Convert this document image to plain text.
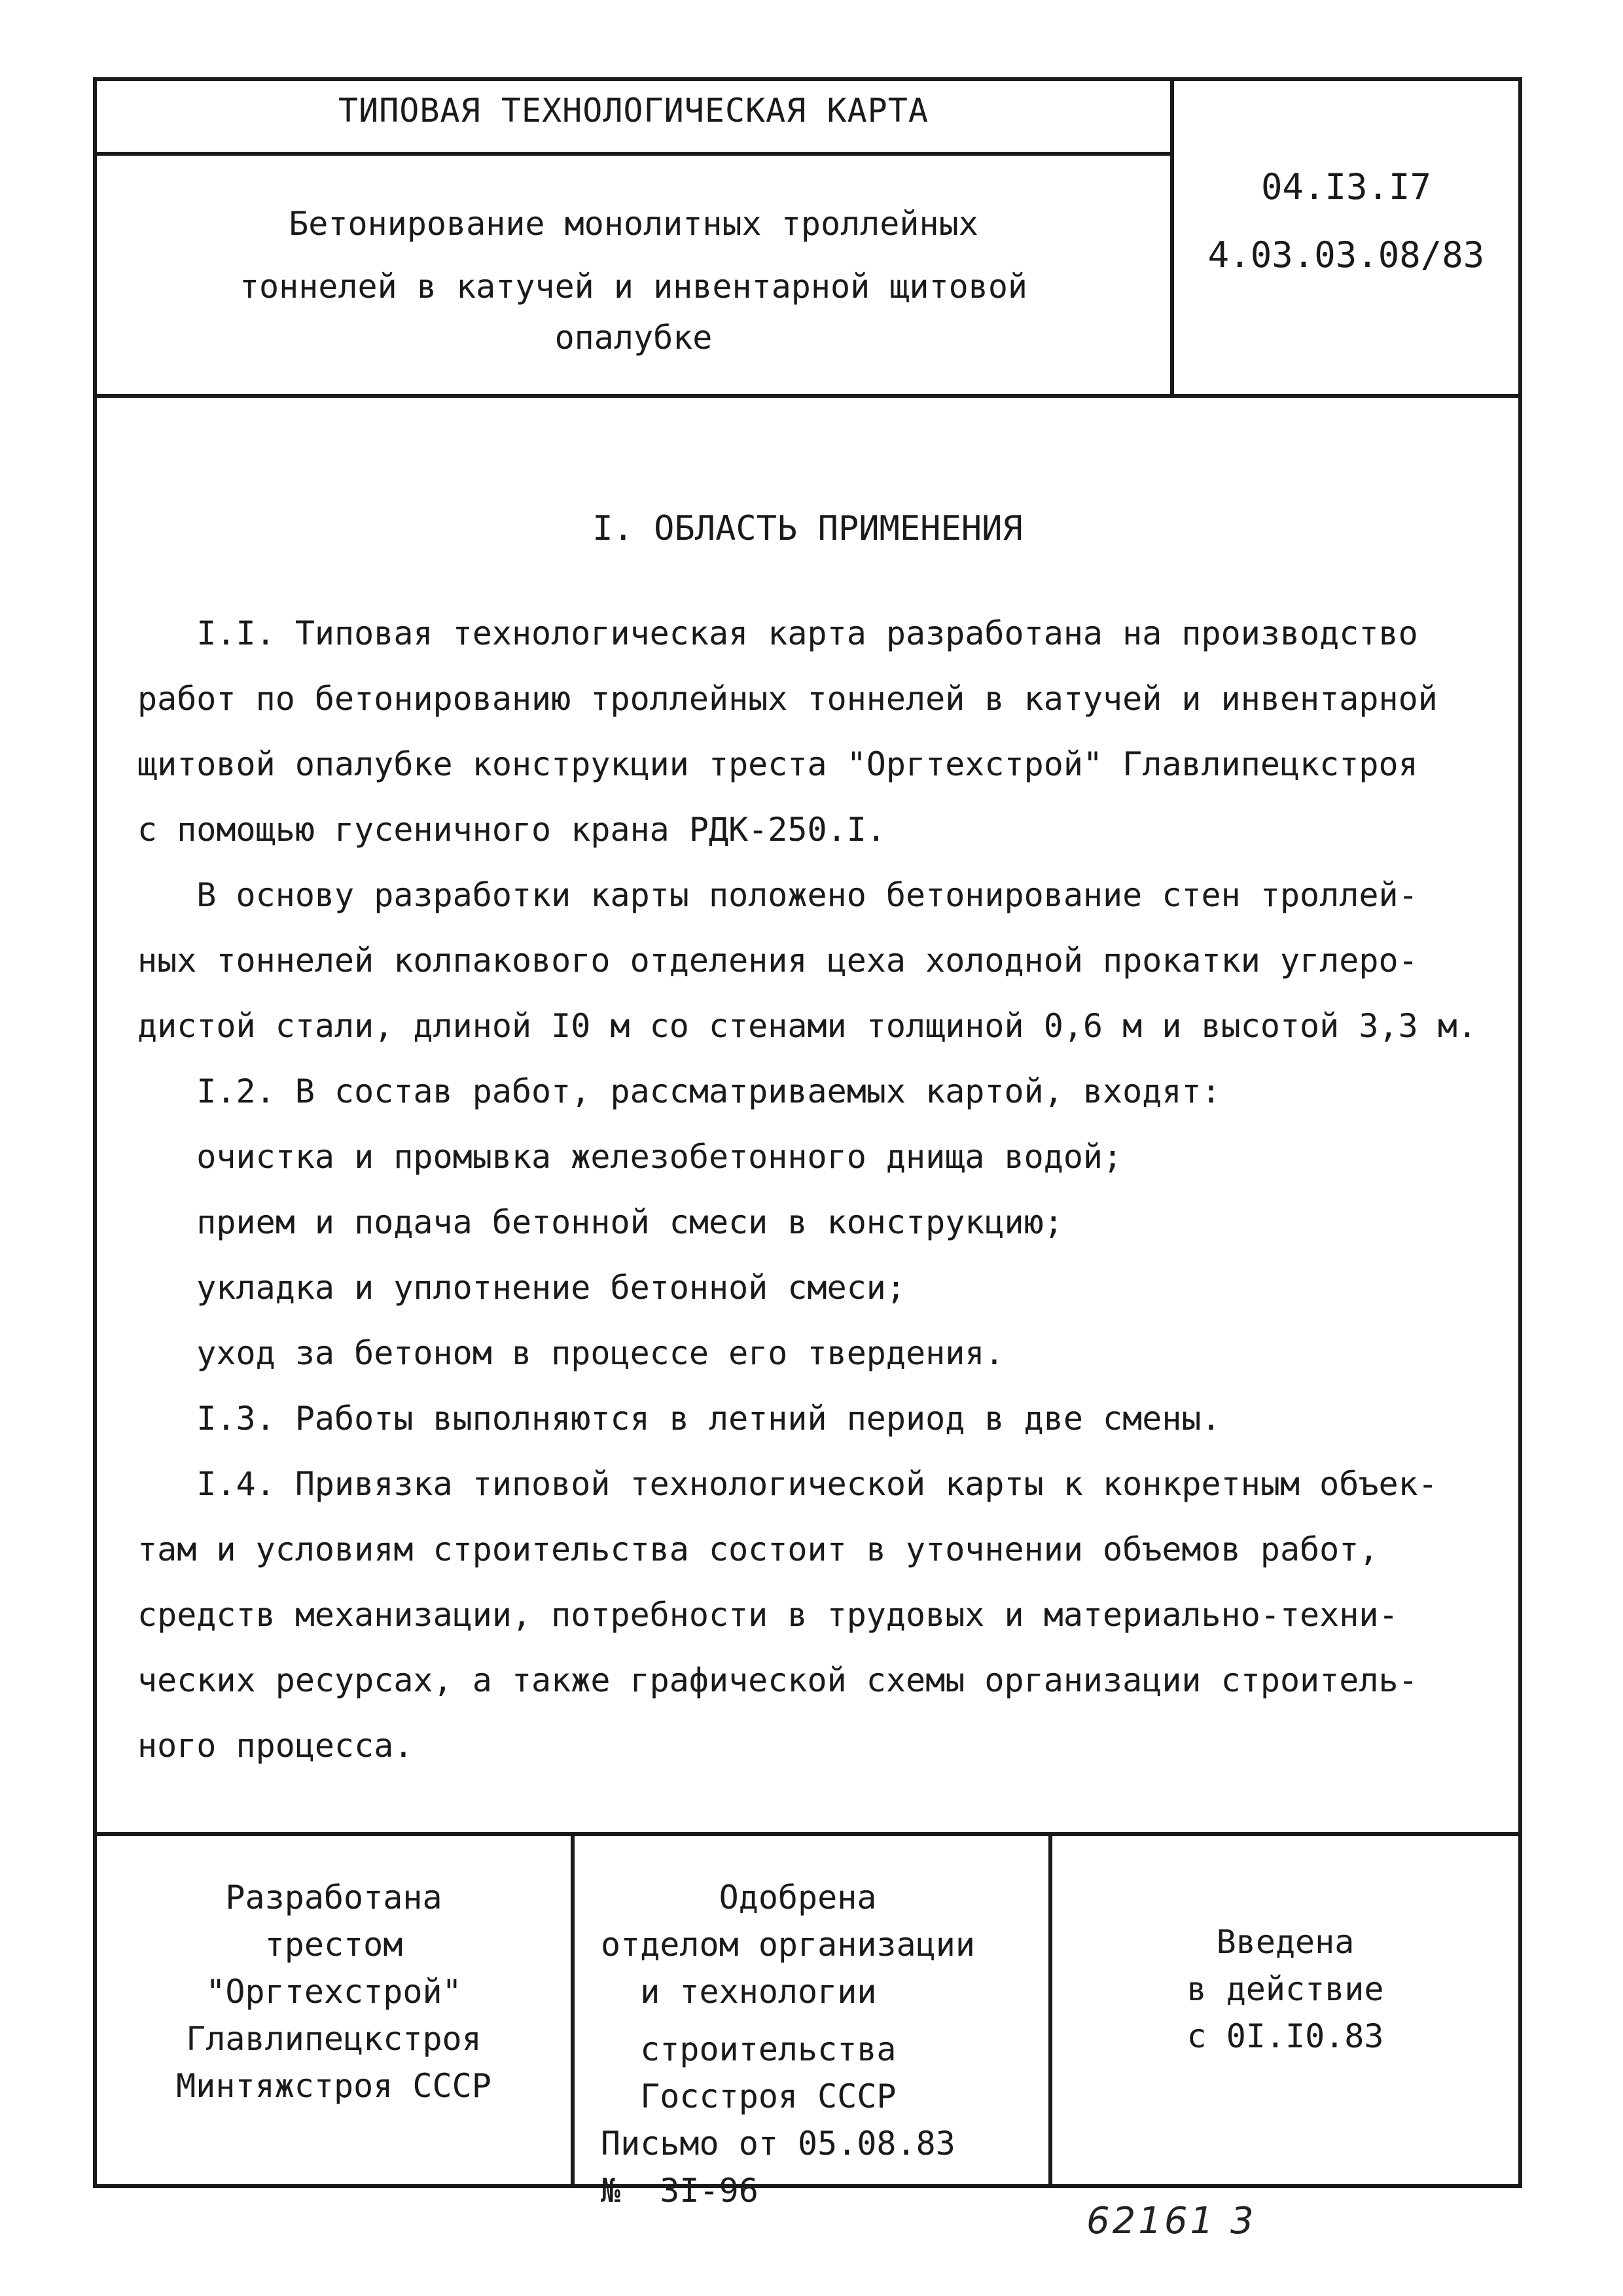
ТИПОВАЯ ТЕХНОЛОГИЧЕСКАЯ КАРТА
Бетонирование монолитных троллейных
тоннелей в катучей и инвентарной щитовой
опалубке
04.I3.I7
4.03.03.08/83
I. ОБЛАСТЬ ПРИМЕНЕНИЯ
I.I. Типовая технологическая карта разработана на производство
работ по бетонированию троллейных тоннелей в катучей и инвентарной
щитовой опалубке конструкции треста "Оргтехстрой" Главлипецкстроя
с помощью гусеничного крана РДК-250.I.
В основу разработки карты положено бетонирование стен троллей-
ных тоннелей колпакового отделения цеха холодной прокатки углеро-
дистой стали, длиной I0 м со стенами толщиной 0,6 м и высотой 3,3 м.
I.2. В состав работ, рассматриваемых картой, входят:
очистка и промывка железобетонного днища водой;
прием и подача бетонной смеси в конструкцию;
укладка и уплотнение бетонной смеси;
уход за бетоном в процессе его твердения.
I.3. Работы выполняются в летний период в две смены.
I.4. Привязка типовой технологической карты к конкретным объек-
там и условиям строительства состоит в уточнении объемов работ,
средств механизации, потребности в трудовых и материально-техни-
ческих ресурсах, а также графической схемы организации строитель-
ного процесса.
Разработана
трестом
"Оргтехстрой"
Главлипецкстроя
Минтяжстроя СССР
Одобрена
отделом организации
и технологии
строительства
Госстроя СССР
Письмо от 05.08.83
№  3I-96
Введена
в действие
с 0I.I0.83
62161 3
